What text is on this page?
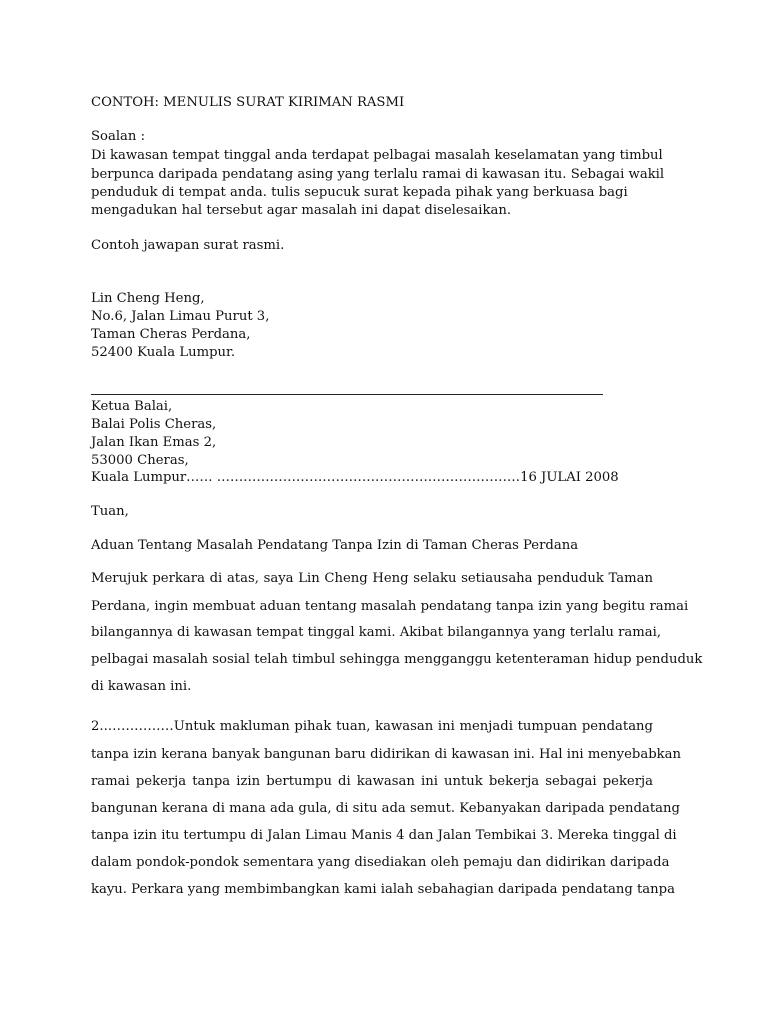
CONTOH: MENULIS SURAT KIRIMAN RASMI
Soalan :
Di kawasan tempat tinggal anda terdapat pelbagai masalah keselamatan yang timbul
berpunca daripada pendatang asing yang terlalu ramai di kawasan itu. Sebagai wakil
penduduk di tempat anda. tulis sepucuk surat kepada pihak yang berkuasa bagi
mengadukan hal tersebut agar masalah ini dapat diselesaikan.
Contoh jawapan surat rasmi.
Lin Cheng Heng,
No.6, Jalan Limau Purut 3,
Taman Cheras Perdana,
52400 Kuala Lumpur.
Ketua Balai,
Balai Polis Cheras,
Jalan Ikan Emas 2,
53000 Cheras,
Kuala Lumpur…… ……………………………………………………………16 JULAI 2008
Tuan,
Aduan Tentang Masalah Pendatang Tanpa Izin di Taman Cheras Perdana
Merujuk perkara di atas, saya Lin Cheng Heng selaku setiausaha penduduk Taman
Perdana, ingin membuat aduan tentang masalah pendatang tanpa izin yang begitu ramai
bilangannya di kawasan tempat tinggal kami. Akibat bilangannya yang terlalu ramai,
pelbagai masalah sosial telah timbul sehingga mengganggu ketenteraman hidup penduduk
di kawasan ini.
2..……………Untuk makluman pihak tuan, kawasan ini menjadi tumpuan pendatang
tanpa izin kerana banyak bangunan baru didirikan di kawasan ini. Hal ini menyebabkan
ramai pekerja tanpa izin bertumpu di kawasan ini untuk bekerja sebagai pekerja
bangunan kerana di mana ada gula, di situ ada semut. Kebanyakan daripada pendatang
tanpa izin itu tertumpu di Jalan Limau Manis 4 dan Jalan Tembikai 3. Mereka tinggal di
dalam pondok-pondok sementara yang disediakan oleh pemaju dan didirikan daripada
kayu. Perkara yang membimbangkan kami ialah sebahagian daripada pendatang tanpa
